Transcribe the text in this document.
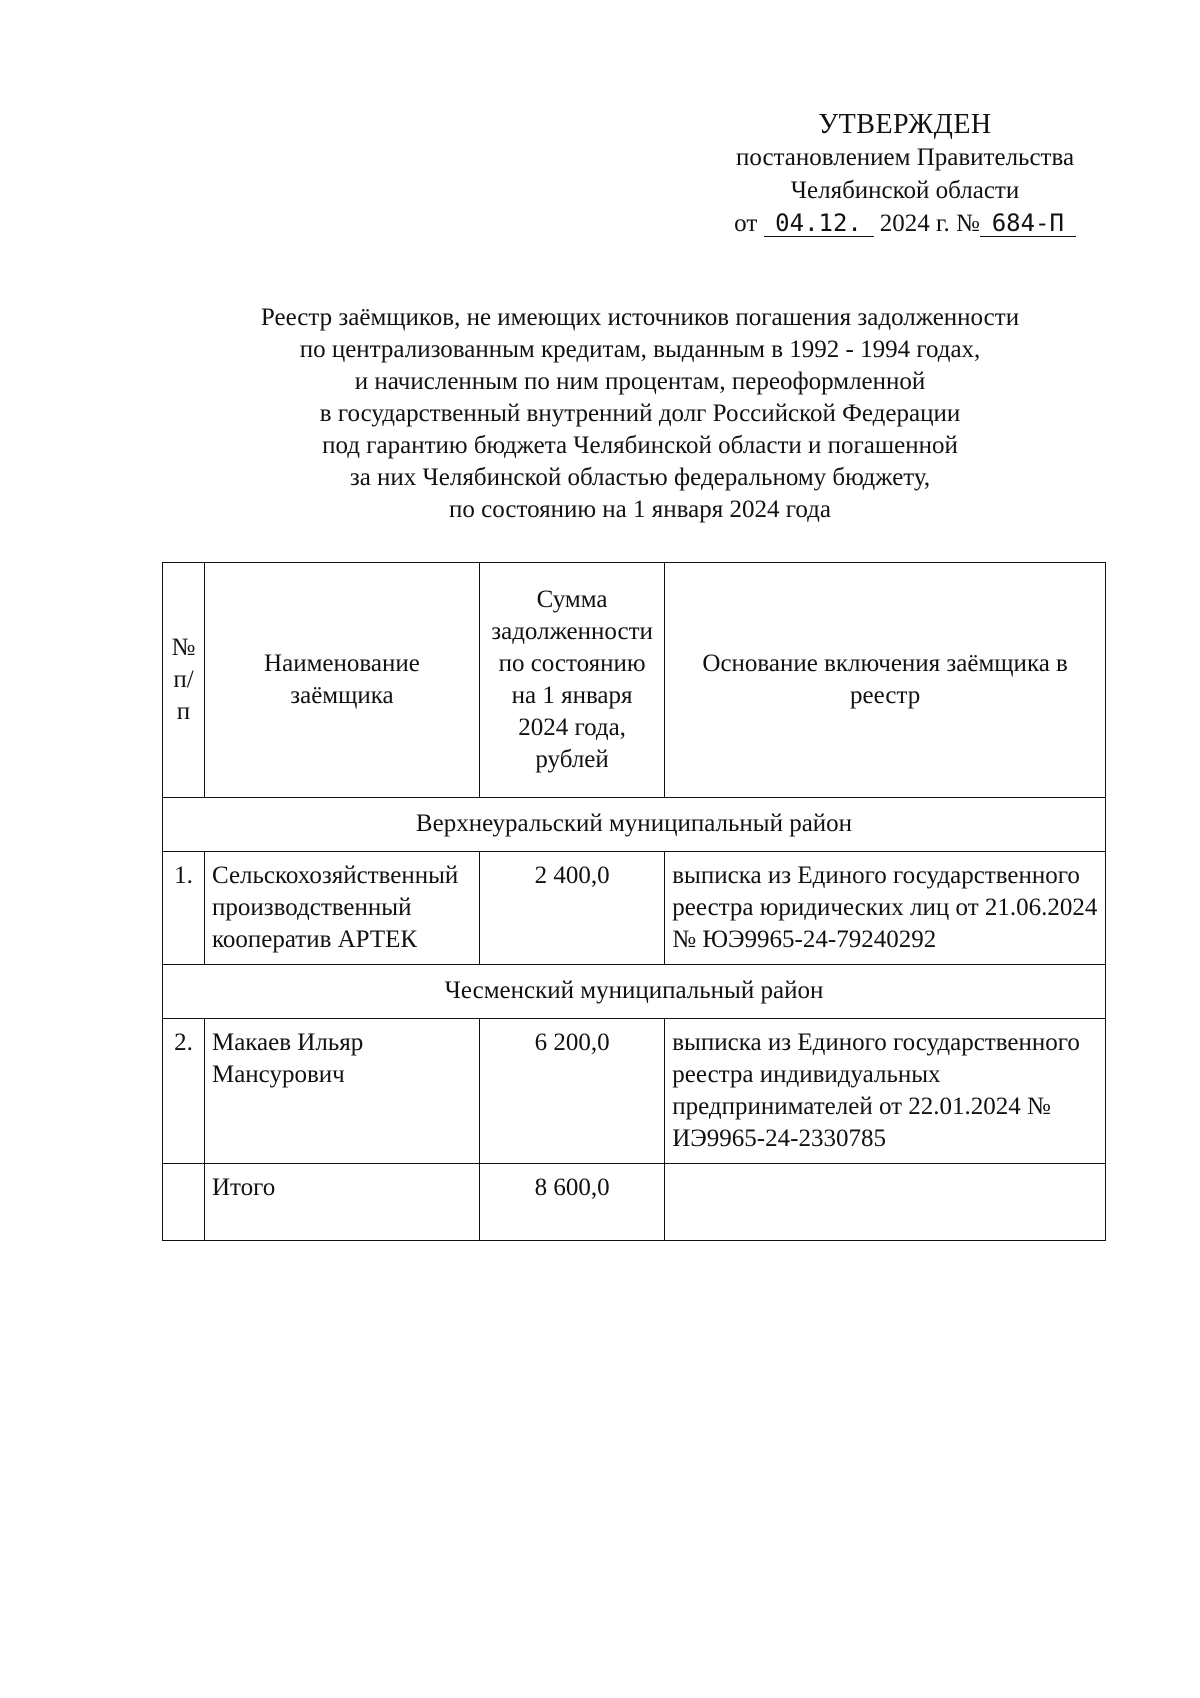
УТВЕРЖДЕН
постановлением Правительства
Челябинской области
от 04.12. 2024 г. № 684-П
Реестр заёмщиков, не имеющих источников погашения задолженности
по централизованным кредитам, выданным в 1992 - 1994 годах,
и начисленным по ним процентам, переоформленной
в государственный внутренний долг Российской Федерации
под гарантию бюджета Челябинской области и погашенной
за них Челябинской областью федеральному бюджету,
по состоянию на 1 января 2024 года
№ п/п	Наименование заёмщика	Сумма задолженности по состоянию на 1 января 2024 года, рублей	Основание включения заёмщика в реестр
Верхнеуральский муниципальный район			
1.	Сельскохозяйственный производственный кооператив АРТЕК	2 400,0	выписка из Единого государственного реестра юридических лиц от 21.06.2024 № ЮЭ9965-24-79240292
Чесменский муниципальный район			
2.	Макаев Ильяр Мансурович	6 200,0	выписка из Единого государственного реестра индивидуальных предпринимателей от 22.01.2024 № ИЭ9965-24-2330785
	Итого	8 600,0	
